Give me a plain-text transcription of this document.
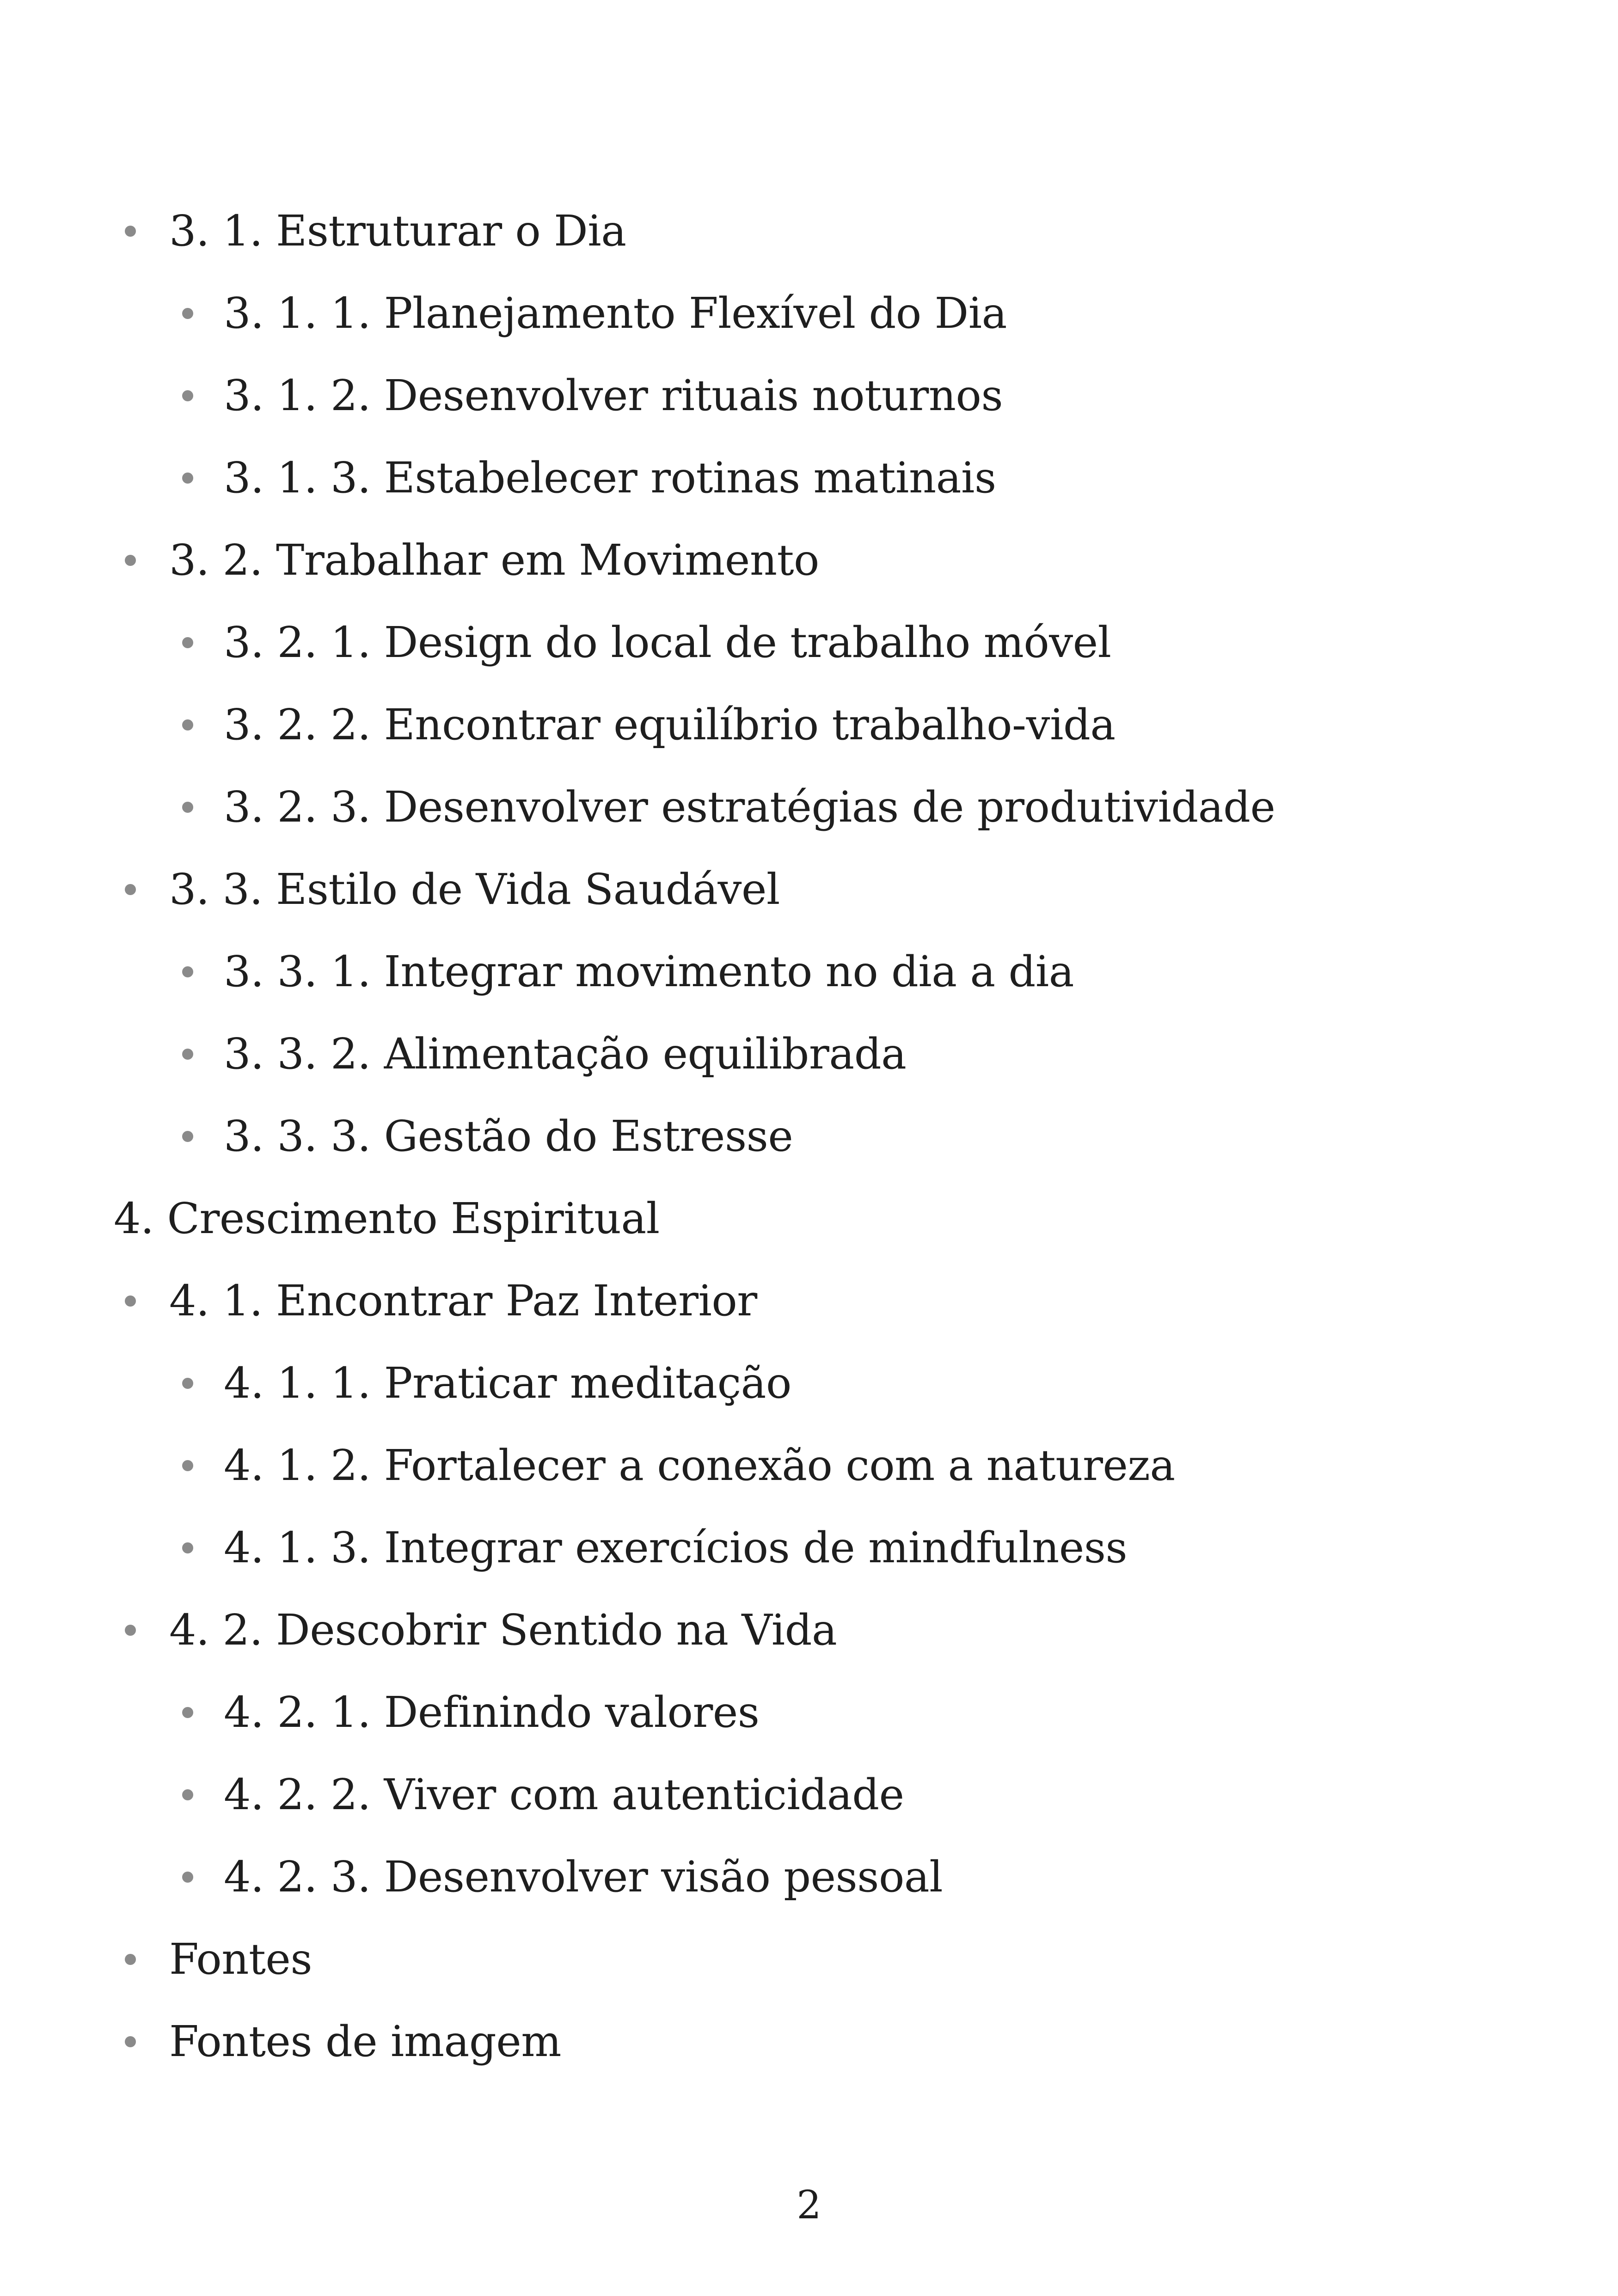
3. 1. Estruturar o Dia
3. 1. 1. Planejamento Flexível do Dia
3. 1. 2. Desenvolver rituais noturnos
3. 1. 3. Estabelecer rotinas matinais
3. 2. Trabalhar em Movimento
3. 2. 1. Design do local de trabalho móvel
3. 2. 2. Encontrar equilíbrio trabalho-vida
3. 2. 3. Desenvolver estratégias de produtividade
3. 3. Estilo de Vida Saudável
3. 3. 1. Integrar movimento no dia a dia
3. 3. 2. Alimentação equilibrada
3. 3. 3. Gestão do Estresse
4. Crescimento Espiritual
4. 1. Encontrar Paz Interior
4. 1. 1. Praticar meditação
4. 1. 2. Fortalecer a conexão com a natureza
4. 1. 3. Integrar exercícios de mindfulness
4. 2. Descobrir Sentido na Vida
4. 2. 1. Definindo valores
4. 2. 2. Viver com autenticidade
4. 2. 3. Desenvolver visão pessoal
Fontes
Fontes de imagem
2
